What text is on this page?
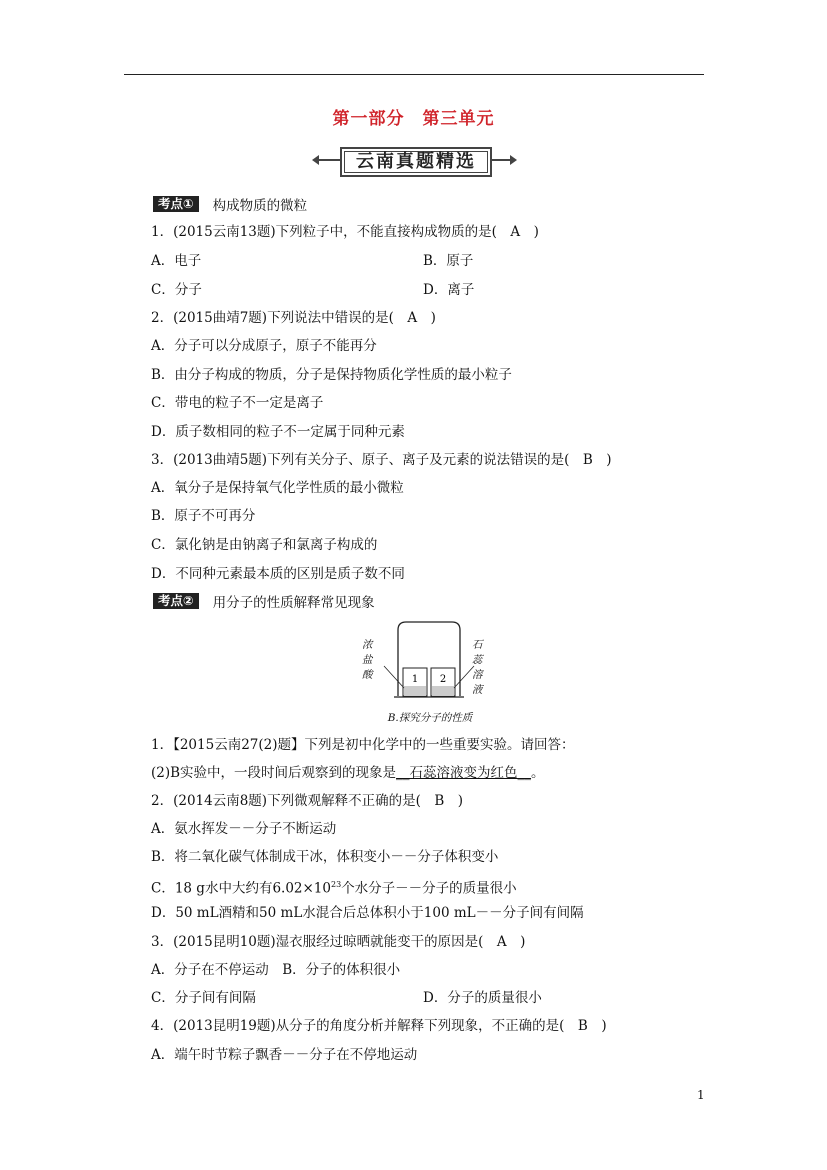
第一部分　第三单元
云南真题精选
考点①	构成物质的微粒
1．(2015云南13题)下列粒子中，不能直接构成物质的是(　A　)
A．电子	B．原子
C．分子	D．离子
2．(2015曲靖7题)下列说法中错误的是(　A　)
A．分子可以分成原子，原子不能再分
B．由分子构成的物质，分子是保持物质化学性质的最小粒子
C．带电的粒子不一定是离子
D．质子数相同的粒子不一定属于同种元素
3．(2013曲靖5题)下列有关分子、原子、离子及元素的说法错误的是(　B　)
A．氧分子是保持氧气化学性质的最小微粒
B．原子不可再分
C．氯化钠是由钠离子和氯离子构成的
D．不同种元素最本质的区别是质子数不同
考点②	用分子的性质解释常见现象
1 2
浓盐酸
石蕊溶液
B.探究分子的性质
1．【2015云南27(2)题】下列是初中化学中的一些重要实验。请回答：
(2)B实验中，一段时间后观察到的现象是__石蕊溶液变为红色__。
2．(2014云南8题)下列微观解释不正确的是(　B　)
A．氨水挥发－－分子不断运动
B．将二氧化碳气体制成干冰，体积变小－－分子体积变小
C．18 g水中大约有$6.02\times 10^{23}$个水分子－－分子的质量很小
D．50 mL酒精和50 mL水混合后总体积小于100 mL－－分子间有间隔
3．(2015昆明10题)湿衣服经过晾晒就能变干的原因是(　A　)
A．分子在不停运动　B．分子的体积很小
C．分子间有间隔	D．分子的质量很小
4．(2013昆明19题)从分子的角度分析并解释下列现象，不正确的是(　B　)
A．端午时节粽子飘香－－分子在不停地运动
1
